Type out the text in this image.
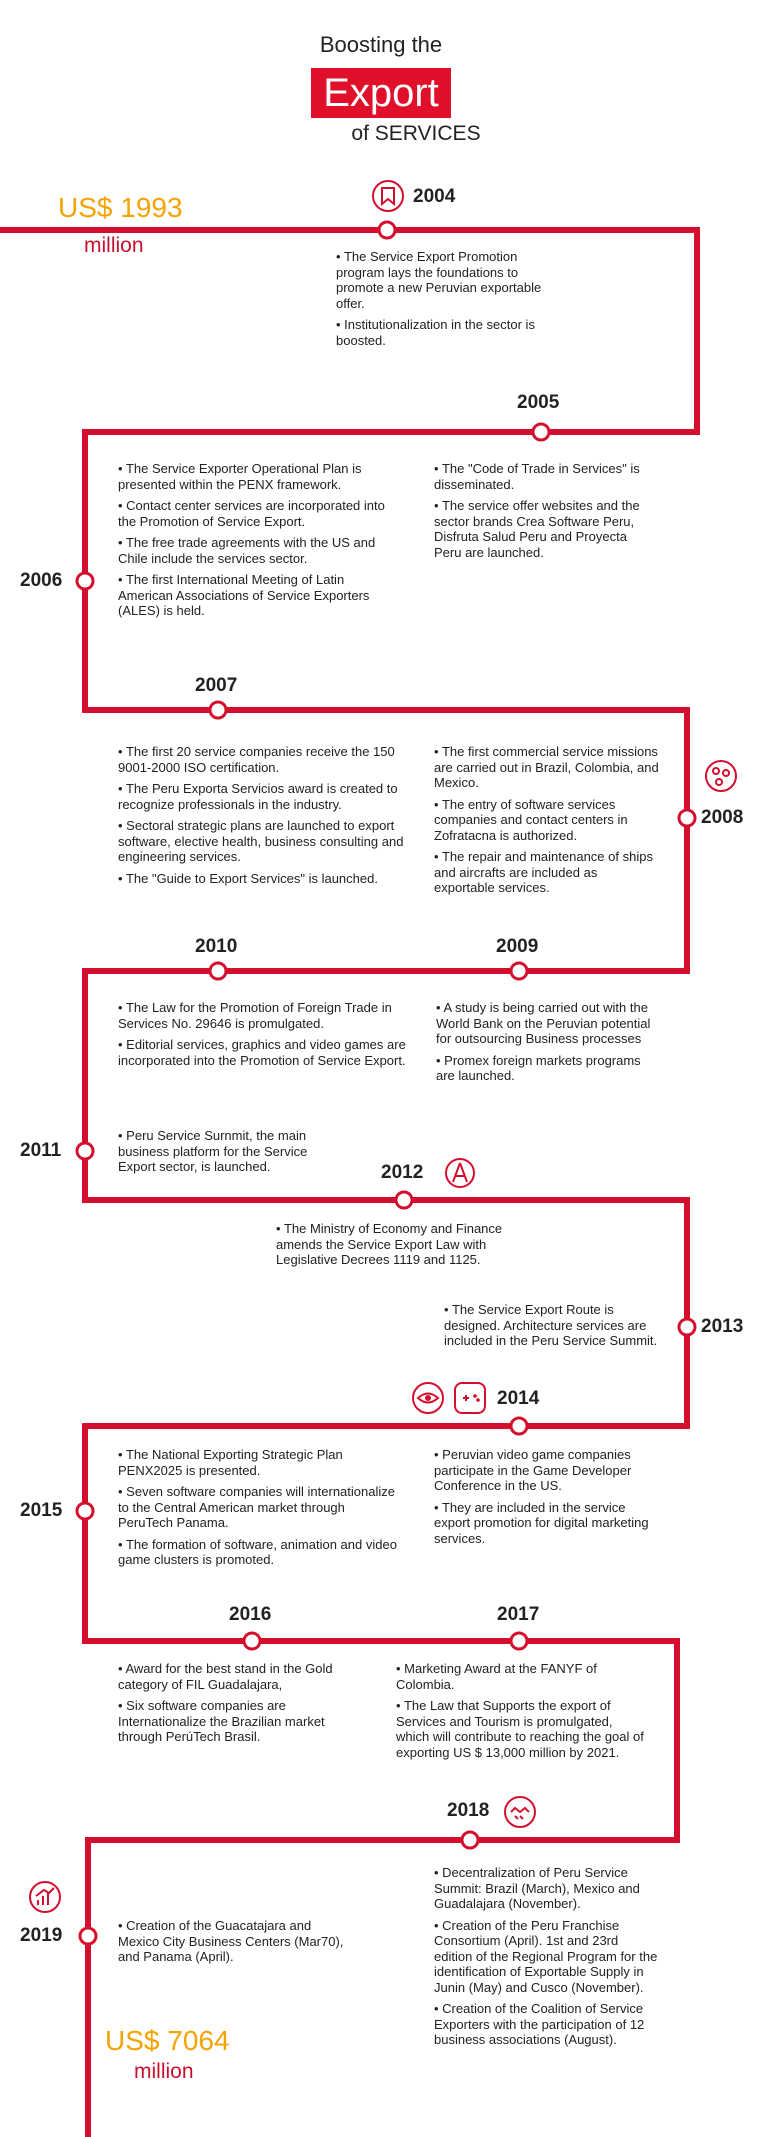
Boosting the
Export
of SERVICES
US$ 1993
million
US$ 7064
million
2004
2005
2006
2007
2008
2009
2010
2011
2012
2013
2014
2015
2016	2017
2018
2019

• The Service Export Promotion program lays the foundations to promote a new Peruvian exportable offer.

• Institutionalization in the sector is boosted.

• The "Code of Trade in Services" is disseminated.

• The service offer websites and the sector brands Crea Software Peru, Disfruta Salud Peru and Proyecta Peru are launched.

• The Service Exporter Operational Plan is presented within the PENX framework.

• Contact center services are incorporated into the Promotion of Service Export.

• The free trade agreements with the US and Chile include the services sector.

• The first International Meeting of Latin American Associations of Service Exporters (ALES) is held.

• The first 20 service companies receive the 150 9001-2000 ISO certification.

• The Peru Exporta Servicios award is created to recognize professionals in the industry.

• Sectoral strategic plans are launched to export software, elective health, business consulting and engineering services.

• The "Guide to Export Services" is launched.

• The first commercial service missions are carried out in Brazil, Colombia, and Mexico.

• The entry of software services companies and contact centers in Zofratacna is authorized.

• The repair and maintenance of ships and aircrafts are included as exportable services.

• A study is being carried out with the World Bank on the Peruvian potential for outsourcing Business processes

• Promex foreign markets programs are launched.

• The Law for the Promotion of Foreign Trade in Services No. 29646 is promulgated.

• Editorial services, graphics and video games are incorporated into the Promotion of Service Export.

• Peru Service Surnmit, the main business platform for the Service Export sector, is launched.

• The Ministry of Economy and Finance amends the Service Export Law with Legislative Decrees 1119 and 1125.

• The Service Export Route is designed. Architecture services are included in the Peru Service Summit.

• Peruvian video game companies participate in the Game Developer Conference in the US.

• They are included in the service export promotion for digital marketing services.

• The National Exporting Strategic Plan PENX2025 is presented.

• Seven software companies will internationalize to the Central American market through PeruTech Panama.

• The formation of software, animation and video game clusters is promoted.

• Award for the best stand in the Gold category of FIL Guadalajara,

• Six software companies are Internationalize the Brazilian market through PerúTech Brasil.

• Marketing Award at the FANYF of Colombia.

• The Law that Supports the export of Services and Tourism is promulgated, which will contribute to reaching the goal of exporting US $ 13,000 million by 2021.

• Decentralization of Peru Service Summit: Brazil (March), Mexico and Guadalajara (November).

• Creation of the Peru Franchise Consortium (April). 1st and 23rd edition of the Regional Program for the identification of Exportable Supply in Junin (May) and Cusco (November).

• Creation of the Coalition of Service Exporters with the participation of 12 business associations (August).

• Creation of the Guacatajara and Mexico City Business Centers (Mar70), and Panama (April).
